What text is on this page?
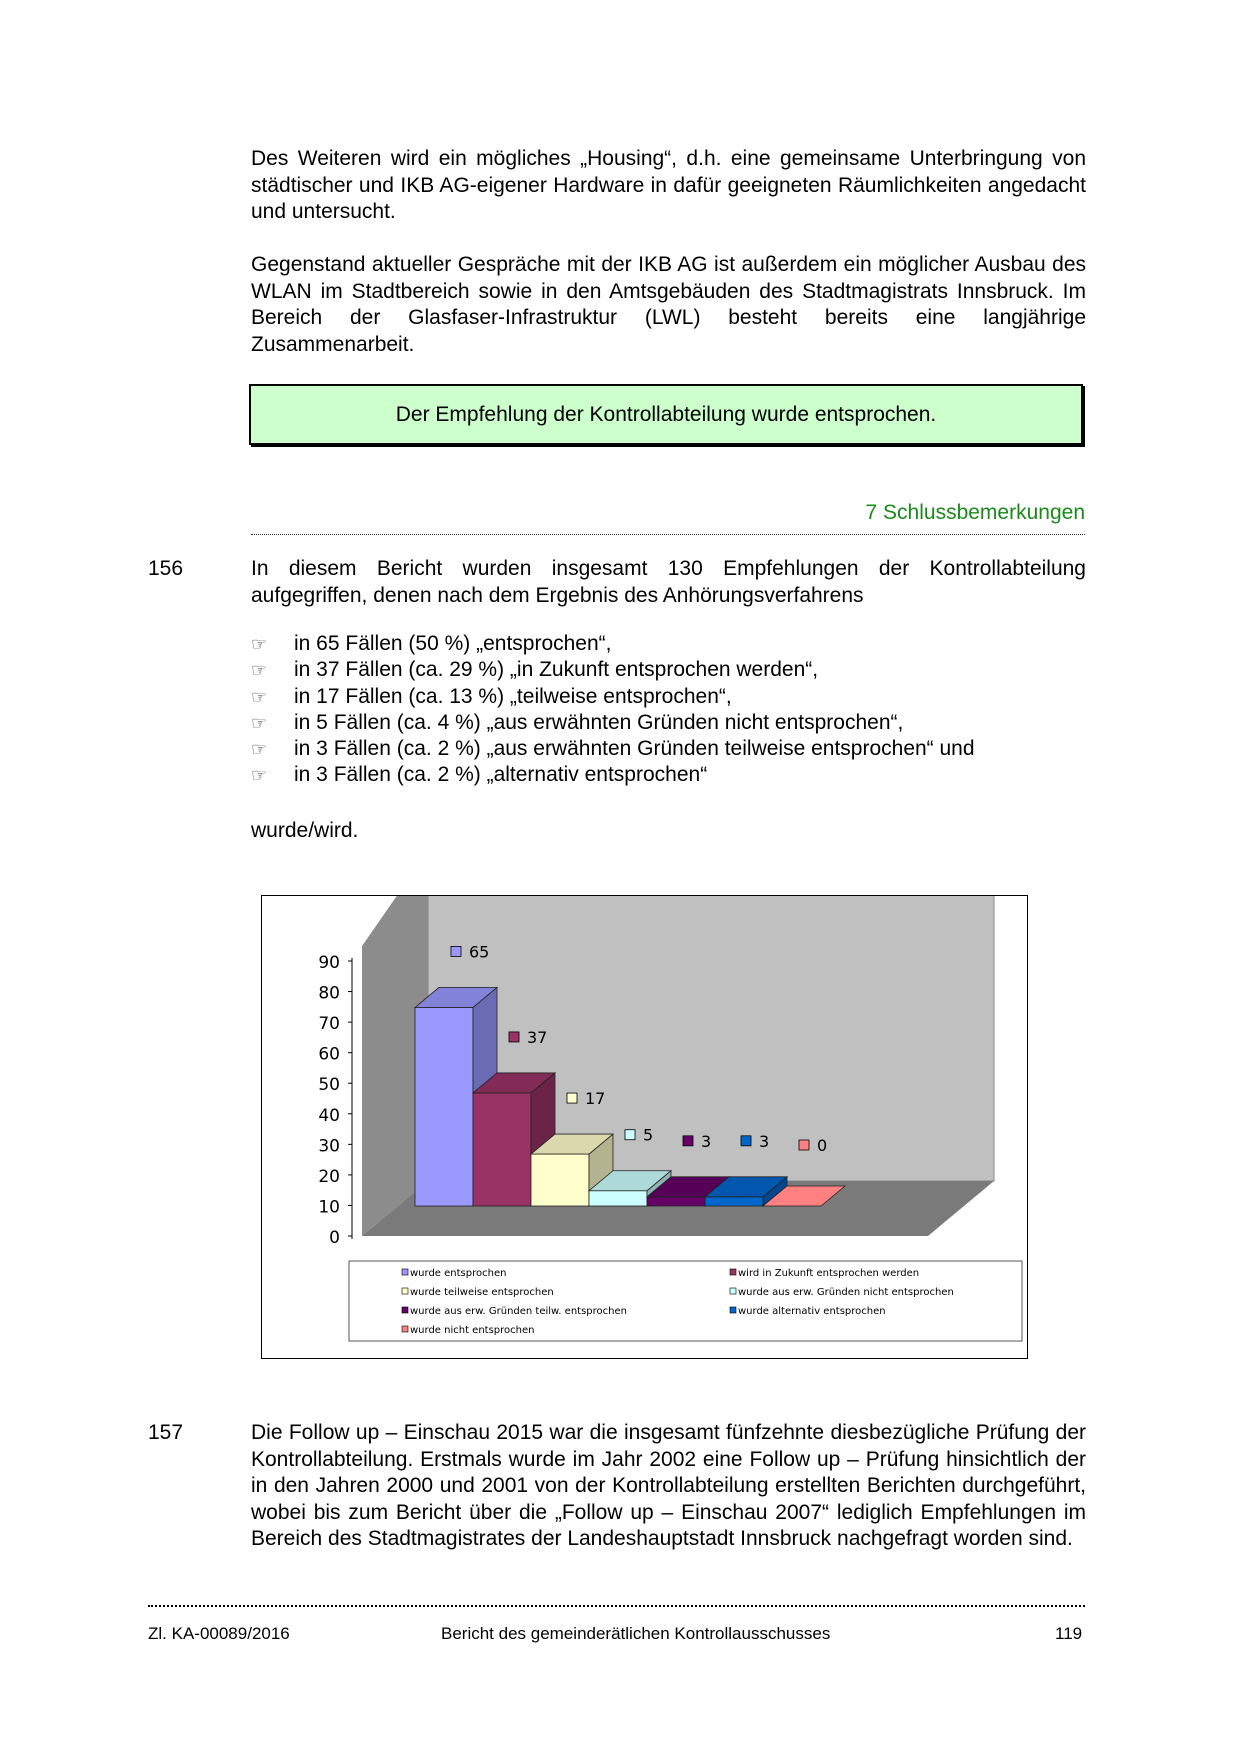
Des Weiteren wird ein mögliches „Housing“, d.h. eine gemeinsame Unterbringung von städtischer und IKB AG-eigener Hardware in dafür geeigneten Räumlichkeiten angedacht und untersucht.

Gegenstand aktueller Gespräche mit der IKB AG ist außerdem ein möglicher Ausbau des WLAN im Stadtbereich sowie in den Amtsgebäuden des Stadtmagistrats Innsbruck. Im Bereich der Glasfaser-Infrastruktur (LWL) besteht bereits eine langjährige Zusammenarbeit.

Der Empfehlung der Kontrollabteilung wurde entsprochen.
7 Schlussbemerkungen
156	In diesem Bericht wurden insgesamt 130 Empfehlungen der Kontrollabteilung aufgegriffen, denen nach dem Ergebnis des Anhörungsverfahrens

☞ in 65 Fällen (50 %) „entsprochen“,
☞ in 37 Fällen (ca. 29 %) „in Zukunft entsprochen werden“,
☞ in 17 Fällen (ca. 13 %) „teilweise entsprochen“,
☞ in 5 Fällen (ca. 4 %) „aus erwähnten Gründen nicht entsprochen“,
☞ in 3 Fällen (ca. 2 %) „aus erwähnten Gründen teilweise entsprochen“ und
☞ in 3 Fällen (ca. 2 %) „alternativ entsprochen“

wurde/wird.

0
10
20
30
40
50
60
70
80
90
65
37
17
5	3	3	0
wurde entsprochen	wird in Zukunft entsprochen werden
wurde teilweise entsprochen	wurde aus erw. Gründen nicht entsprochen
wurde aus erw. Gründen teilw. entsprochen	wurde alternativ entsprochen
wurde nicht entsprochen
157	Die Follow up – Einschau 2015 war die insgesamt fünfzehnte diesbezügliche Prüfung der Kontrollabteilung. Erstmals wurde im Jahr 2002 eine Follow up – Prüfung hinsichtlich der in den Jahren 2000 und 2001 von der Kontrollabteilung erstellten Berichten durchgeführt, wobei bis zum Bericht über die „Follow up – Einschau 2007“ lediglich Empfehlungen im Bereich des Stadtmagistrates der Landeshauptstadt Innsbruck nachgefragt worden sind.

Zl. KA-00089/2016	Bericht des gemeinderätlichen Kontrollausschusses	119
